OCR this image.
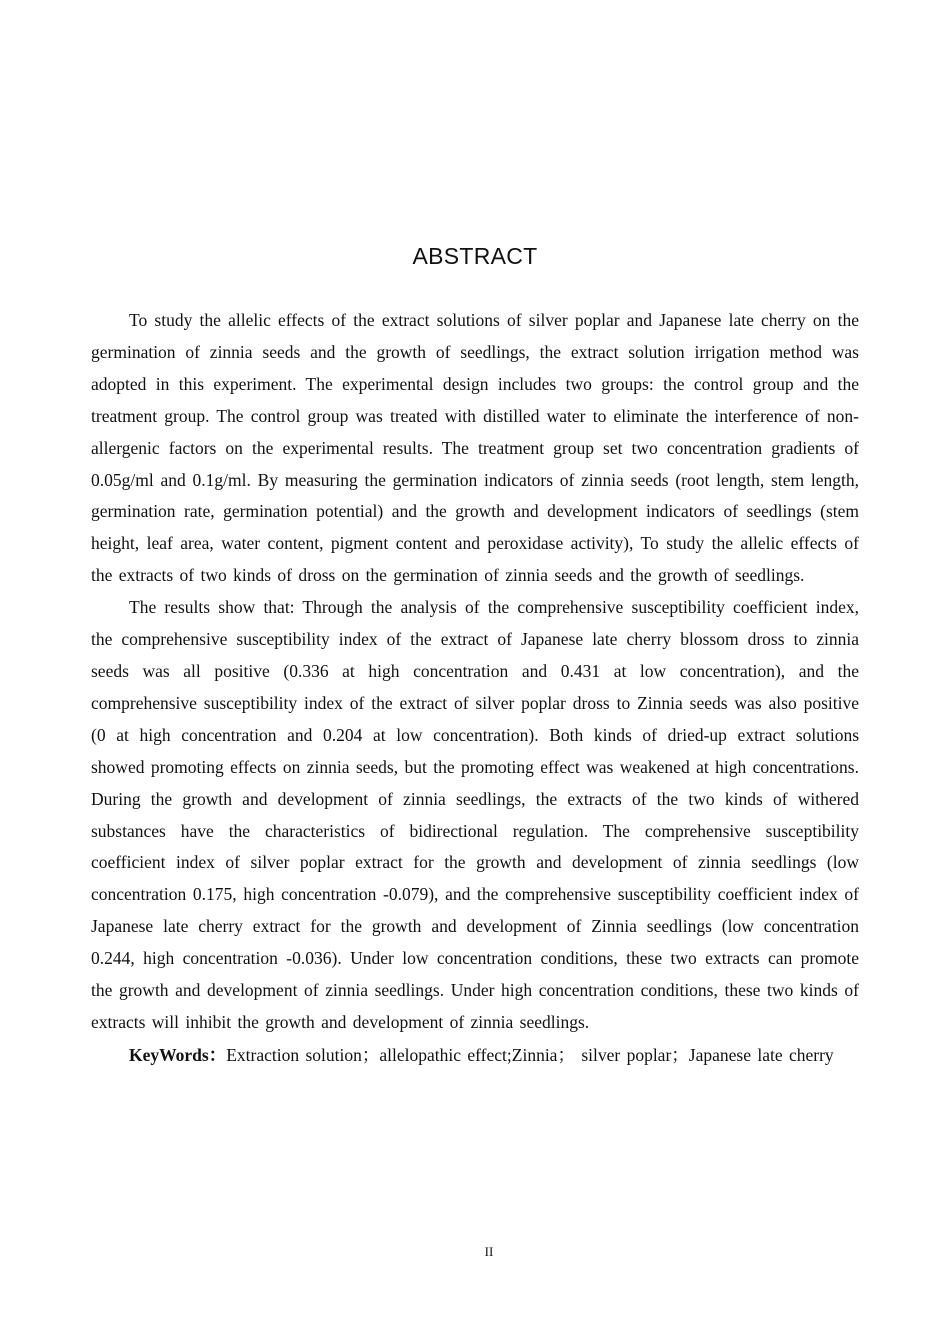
ABSTRACT

To study the allelic effects of the extract solutions of silver poplar and Japanese late cherry on the germination of zinnia seeds and the growth of seedlings, the extract solution irrigation method was adopted in this experiment. The experimental design includes two groups: the control group and the treatment group. The control group was treated with distilled water to eliminate the interference of non-allergenic factors on the experimental results. The treatment group set two concentration gradients of 0.05g/ml and 0.1g/ml. By measuring the germination indicators of zinnia seeds (root length, stem length, germination rate, germination potential) and the growth and development indicators of seedlings (stem height, leaf area, water content, pigment content and peroxidase activity), To study the allelic effects of the extracts of two kinds of dross on the germination of zinnia seeds and the growth of seedlings.

The results show that: Through the analysis of the comprehensive susceptibility coefficient index, the comprehensive susceptibility index of the extract of Japanese late cherry blossom dross to zinnia seeds was all positive (0.336 at high concentration and 0.431 at low concentration), and the comprehensive susceptibility index of the extract of silver poplar dross to Zinnia seeds was also positive (0 at high concentration and 0.204 at low concentration). Both kinds of dried-up extract solutions showed promoting effects on zinnia seeds, but the promoting effect was weakened at high concentrations. During the growth and development of zinnia seedlings, the extracts of the two kinds of withered substances have the characteristics of bidirectional regulation. The comprehensive susceptibility coefficient index of silver poplar extract for the growth and development of zinnia seedlings (low concentration 0.175, high concentration -0.079), and the comprehensive susceptibility coefficient index of Japanese late cherry extract for the growth and development of Zinnia seedlings (low concentration 0.244, high concentration -0.036). Under low concentration conditions, these two extracts can promote the growth and development of zinnia seedlings. Under high concentration conditions, these two kinds of extracts will inhibit the growth and development of zinnia seedlings.

KeyWords：Extraction solution；allelopathic effect;Zinnia； silver poplar；Japanese late cherry

II
